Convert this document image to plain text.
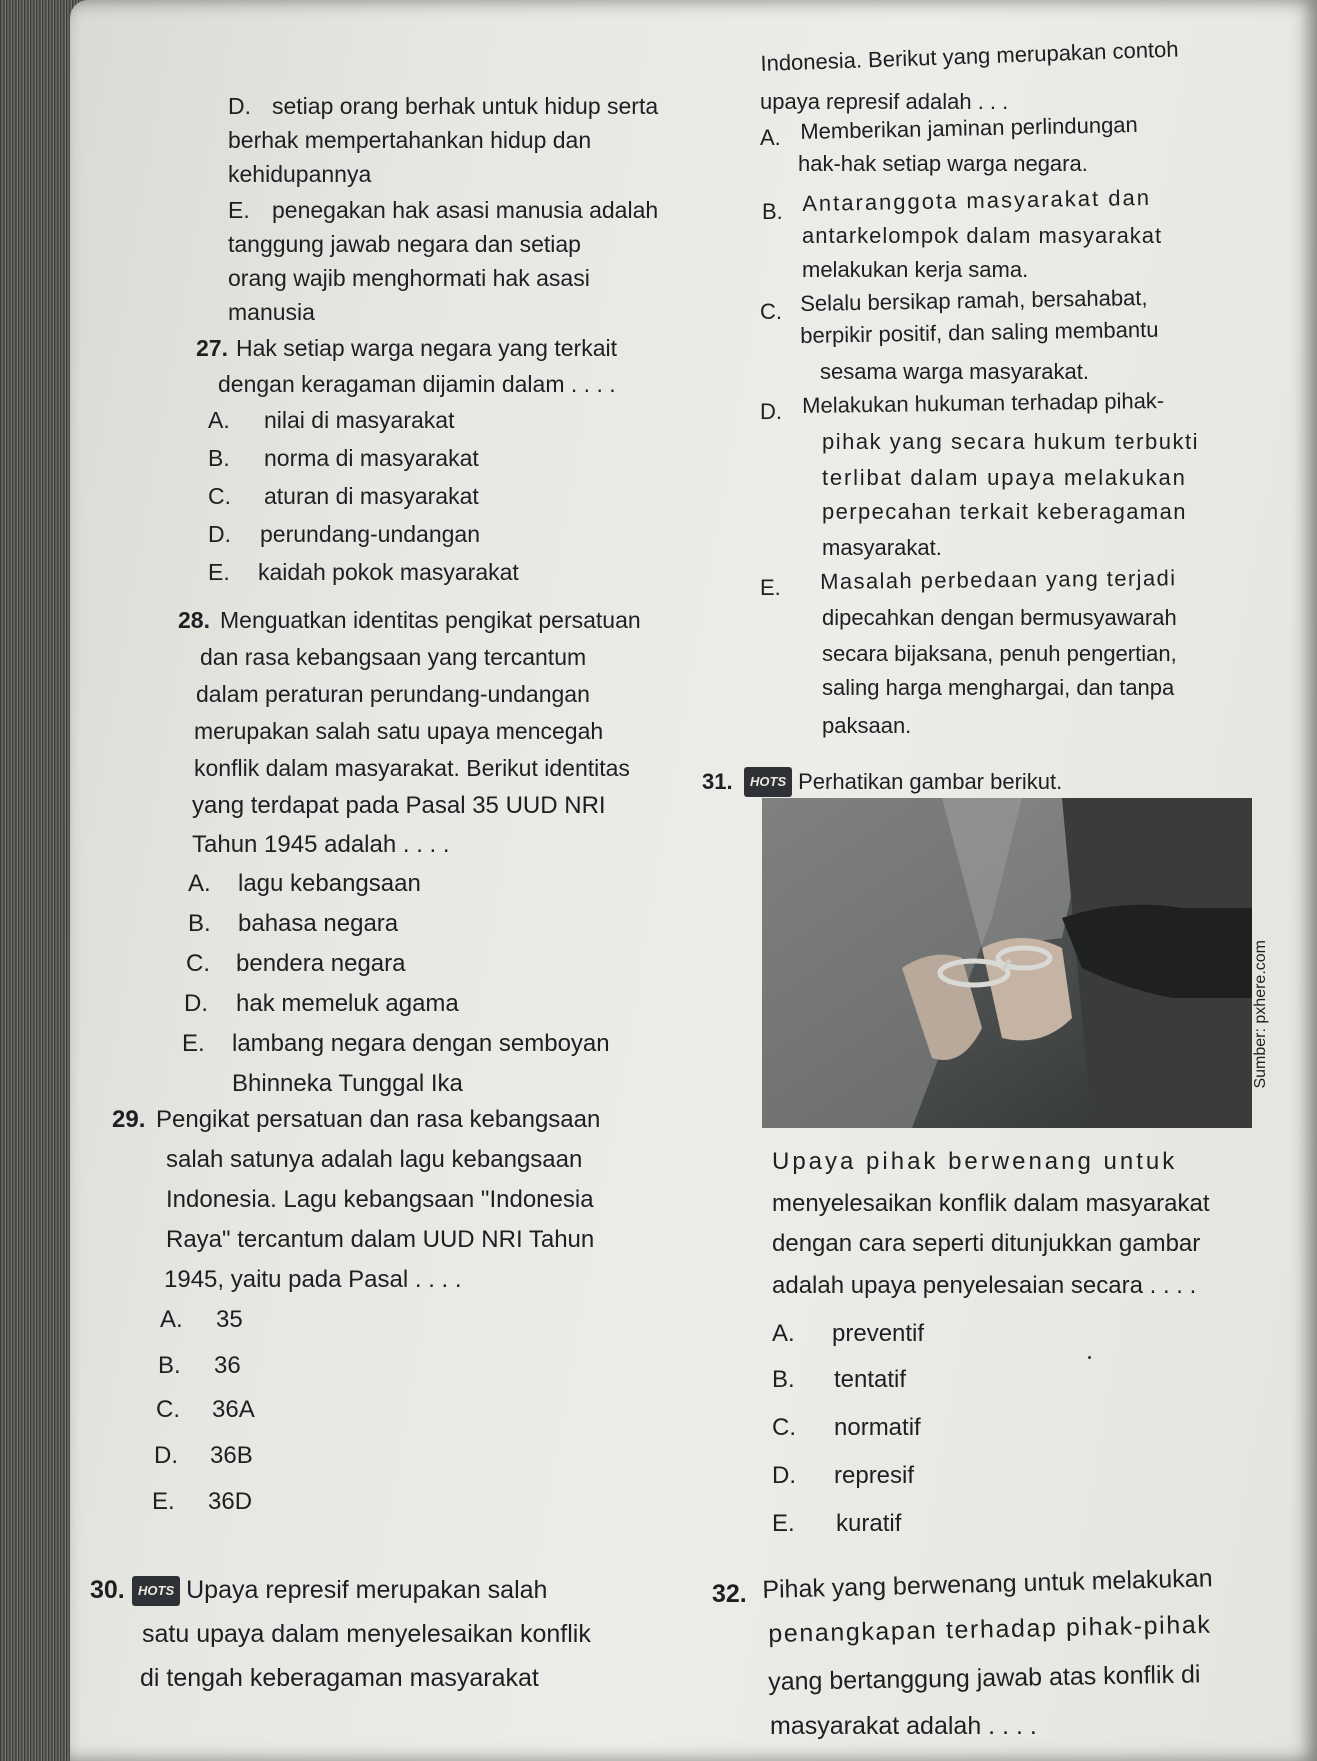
D. setiap orang berhak untuk hidup serta
berhak mempertahankan hidup dan
kehidupannya
E. penegakan hak asasi manusia adalah
tanggung jawab negara dan setiap
orang wajib menghormati hak asasi
manusia
27. Hak setiap warga negara yang terkait
dengan keragaman dijamin dalam . . . .
A. nilai di masyarakat
B. norma di masyarakat
C. aturan di masyarakat
D. perundang-undangan
E. kaidah pokok masyarakat
28. Menguatkan identitas pengikat persatuan
dan rasa kebangsaan yang tercantum
dalam peraturan perundang-undangan
merupakan salah satu upaya mencegah
konflik dalam masyarakat. Berikut identitas
yang terdapat pada Pasal 35 UUD NRI
Tahun 1945 adalah . . . .
A. lagu kebangsaan
B. bahasa negara
C. bendera negara
D. hak memeluk agama
E. lambang negara dengan semboyan
Bhinneka Tunggal Ika
29. Pengikat persatuan dan rasa kebangsaan
salah satunya adalah lagu kebangsaan
Indonesia. Lagu kebangsaan "Indonesia
Raya" tercantum dalam UUD NRI Tahun
1945, yaitu pada Pasal . . . .
A. 35
B. 36
C. 36A
D. 36B
E. 36D
30.	HOTS Upaya represif merupakan salah
satu upaya dalam menyelesaikan konflik
di tengah keberagaman masyarakat
Indonesia. Berikut yang merupakan contoh
upaya represif adalah . . .
A. Memberikan jaminan perlindungan
hak-hak setiap warga negara.
B. Antaranggota masyarakat dan
antarkelompok dalam masyarakat
melakukan kerja sama.
C. Selalu bersikap ramah, bersahabat,
berpikir positif, dan saling membantu
sesama warga masyarakat.
D. Melakukan hukuman terhadap pihak-
pihak yang secara hukum terbukti
terlibat dalam upaya melakukan
perpecahan terkait keberagaman
masyarakat.
E. Masalah perbedaan yang terjadi
dipecahkan dengan bermusyawarah
secara bijaksana, penuh pengertian,
saling harga menghargai, dan tanpa
paksaan.
31.	HOTS Perhatikan gambar berikut.
Sumber: pxhere.com
Upaya pihak berwenang untuk
menyelesaikan konflik dalam masyarakat
dengan cara seperti ditunjukkan gambar
adalah upaya penyelesaian secara . . . .
A. preventif
B. tentatif
C. normatif
D. represif
E. kuratif
32. Pihak yang berwenang untuk melakukan
penangkapan terhadap pihak-pihak
yang bertanggung jawab atas konflik di
masyarakat adalah . . . .
